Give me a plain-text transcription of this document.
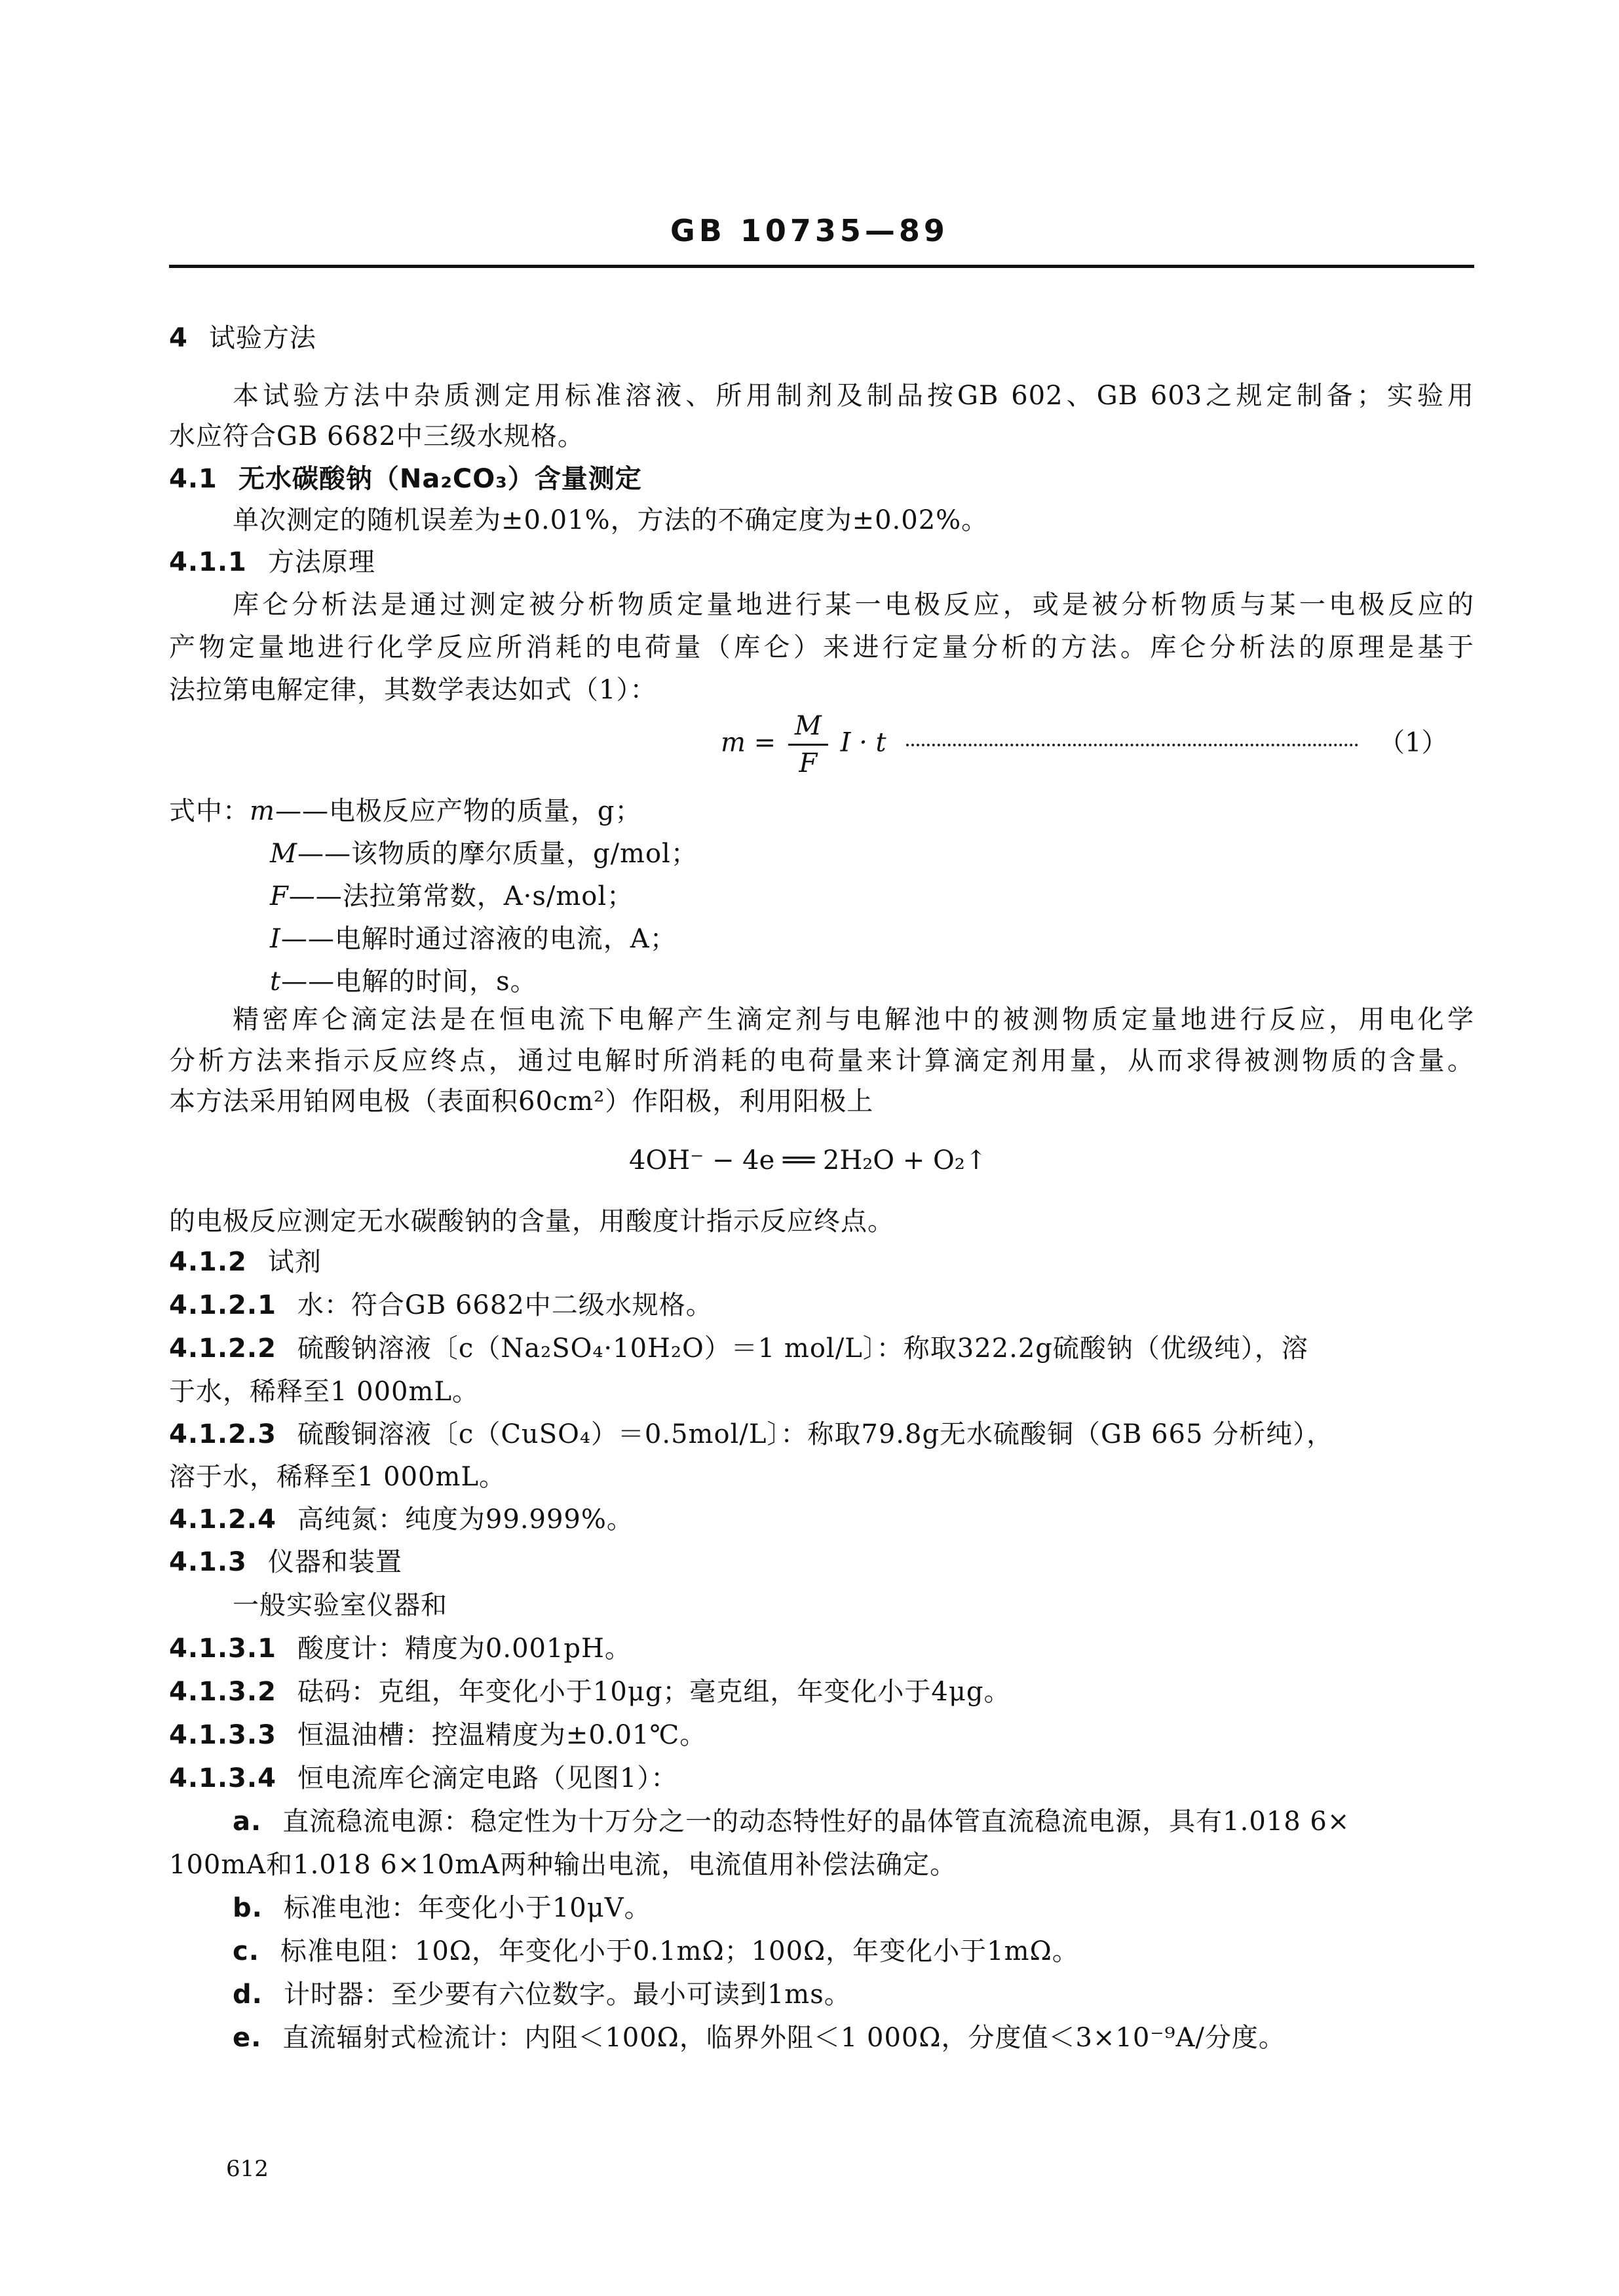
GB 10735—89
4 试验方法
本试验方法中杂质测定用标准溶液、所用制剂及制品按GB 602、GB 603之规定制备；实验用
水应符合GB 6682中三级水规格。
4.1 无水碳酸钠（Na₂CO₃）含量测定
单次测定的随机误差为±0.01%，方法的不确定度为±0.02%。
4.1.1 方法原理
库仑分析法是通过测定被分析物质定量地进行某一电极反应，或是被分析物质与某一电极反应的
产物定量地进行化学反应所消耗的电荷量（库仑）来进行定量分析的方法。库仑分析法的原理是基于
法拉第电解定律，其数学表达如式（1）：
$m = \frac{M}{F}$ I · t	（1）
式中：m——电极反应产物的质量，g；
M——该物质的摩尔质量，g/mol；
F——法拉第常数，A·s/mol；
I——电解时通过溶液的电流，A；
t——电解的时间，s。
精密库仑滴定法是在恒电流下电解产生滴定剂与电解池中的被测物质定量地进行反应，用电化学
分析方法来指示反应终点，通过电解时所消耗的电荷量来计算滴定剂用量，从而求得被测物质的含量。
本方法采用铂网电极（表面积60cm²）作阳极，利用阳极上
4OH⁻ − 4e ══ 2H₂O + O₂↑
的电极反应测定无水碳酸钠的含量，用酸度计指示反应终点。
4.1.2 试剂
4.1.2.1 水：符合GB 6682中二级水规格。
4.1.2.2 硫酸钠溶液〔c（Na₂SO₄·10H₂O）＝1 mol/L〕：称取322.2g硫酸钠（优级纯），溶
于水，稀释至1 000mL。
4.1.2.3 硫酸铜溶液〔c（CuSO₄）＝0.5mol/L〕：称取79.8g无水硫酸铜（GB 665 分析纯），
溶于水，稀释至1 000mL。
4.1.2.4 高纯氮：纯度为99.999%。
4.1.3 仪器和装置
一般实验室仪器和
4.1.3.1 酸度计：精度为0.001pH。
4.1.3.2 砝码：克组，年变化小于10μg；毫克组，年变化小于4μg。
4.1.3.3 恒温油槽：控温精度为±0.01℃。
4.1.3.4 恒电流库仑滴定电路（见图1）：
a. 直流稳流电源：稳定性为十万分之一的动态特性好的晶体管直流稳流电源，具有1.018 6×
100mA和1.018 6×10mA两种输出电流，电流值用补偿法确定。
b. 标准电池：年变化小于10μV。
c. 标准电阻：10Ω，年变化小于0.1mΩ；100Ω，年变化小于1mΩ。
d. 计时器：至少要有六位数字。最小可读到1ms。
e. 直流辐射式检流计：内阻＜100Ω，临界外阻＜1 000Ω，分度值＜3×10⁻⁹A/分度。
612
